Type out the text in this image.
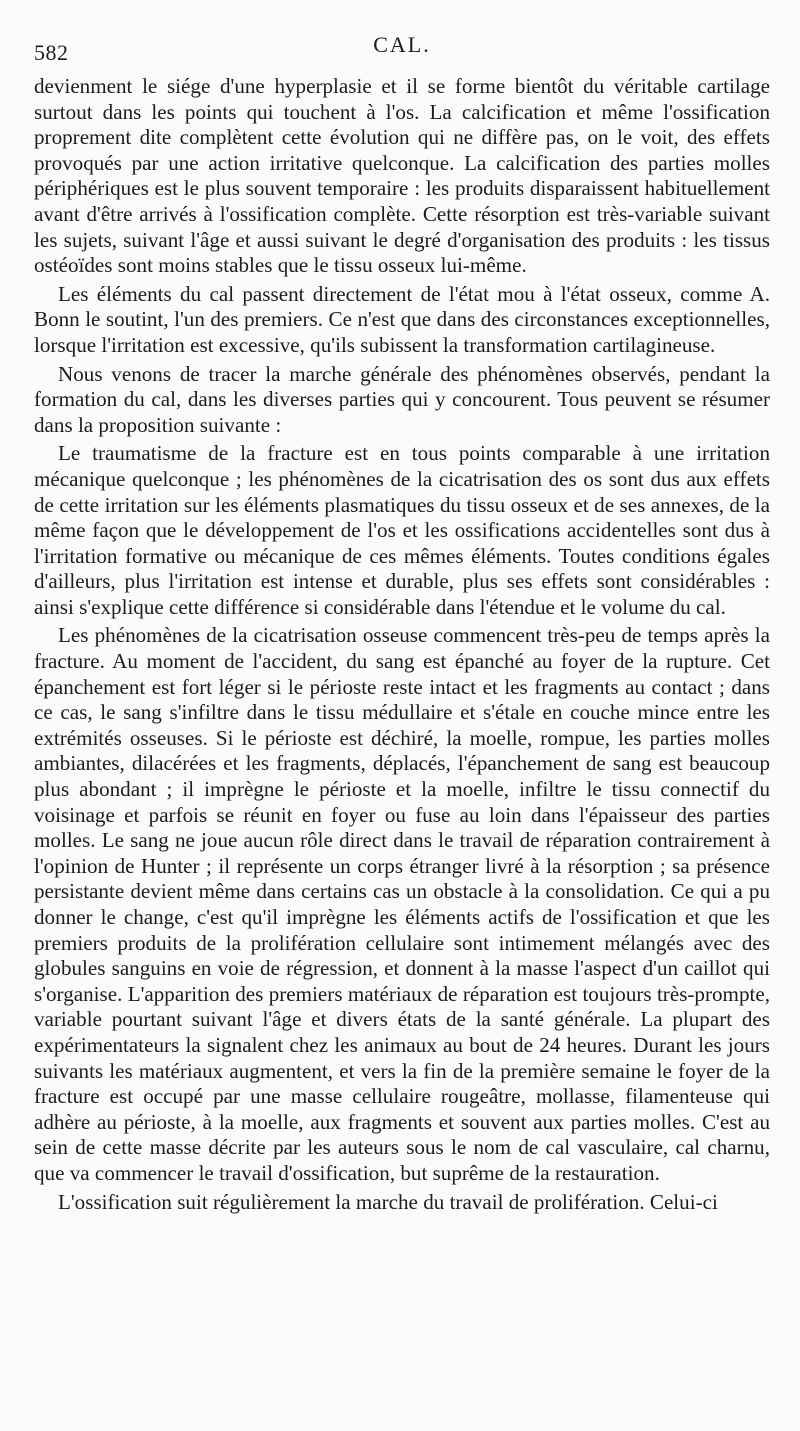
582	CAL.

devienment le siége d'une hyperplasie et il se forme bientôt du véritable cartilage surtout dans les points qui touchent à l'os. La calcification et même l'ossification proprement dite complètent cette évolution qui ne diffère pas, on le voit, des effets provoqués par une action irritative quelconque. La calcification des parties molles périphériques est le plus souvent temporaire : les produits disparaissent habituellement avant d'être arrivés à l'ossification complète. Cette résorption est très-variable suivant les sujets, suivant l'âge et aussi suivant le degré d'organisation des produits : les tissus ostéoïdes sont moins stables que le tissu osseux lui-même.

Les éléments du cal passent directement de l'état mou à l'état osseux, comme A. Bonn le soutint, l'un des premiers. Ce n'est que dans des circonstances exceptionnelles, lorsque l'irritation est excessive, qu'ils subissent la transformation cartilagineuse.

Nous venons de tracer la marche générale des phénomènes observés, pendant la formation du cal, dans les diverses parties qui y concourent. Tous peuvent se résumer dans la proposition suivante :

Le traumatisme de la fracture est en tous points comparable à une irritation mécanique quelconque ; les phénomènes de la cicatrisation des os sont dus aux effets de cette irritation sur les éléments plasmatiques du tissu osseux et de ses annexes, de la même façon que le développement de l'os et les ossifications accidentelles sont dus à l'irritation formative ou mécanique de ces mêmes éléments. Toutes conditions égales d'ailleurs, plus l'irritation est intense et durable, plus ses effets sont considérables : ainsi s'explique cette différence si considérable dans l'étendue et le volume du cal.

Les phénomènes de la cicatrisation osseuse commencent très-peu de temps après la fracture. Au moment de l'accident, du sang est épanché au foyer de la rupture. Cet épanchement est fort léger si le périoste reste intact et les fragments au contact ; dans ce cas, le sang s'infiltre dans le tissu médullaire et s'étale en couche mince entre les extrémités osseuses. Si le périoste est déchiré, la moelle, rompue, les parties molles ambiantes, dilacérées et les fragments, déplacés, l'épanchement de sang est beaucoup plus abondant ; il imprègne le périoste et la moelle, infiltre le tissu connectif du voisinage et parfois se réunit en foyer ou fuse au loin dans l'épaisseur des parties molles. Le sang ne joue aucun rôle direct dans le travail de réparation contrairement à l'opinion de Hunter ; il représente un corps étranger livré à la résorption ; sa présence persistante devient même dans certains cas un obstacle à la consolidation. Ce qui a pu donner le change, c'est qu'il imprègne les éléments actifs de l'ossification et que les premiers produits de la prolifération cellulaire sont intimement mélangés avec des globules sanguins en voie de régression, et donnent à la masse l'aspect d'un caillot qui s'organise. L'apparition des premiers matériaux de réparation est toujours très-prompte, variable pourtant suivant l'âge et divers états de la santé générale. La plupart des expérimentateurs la signalent chez les animaux au bout de 24 heures. Durant les jours suivants les matériaux augmentent, et vers la fin de la première semaine le foyer de la fracture est occupé par une masse cellulaire rougeâtre, mollasse, filamenteuse qui adhère au périoste, à la moelle, aux fragments et souvent aux parties molles. C'est au sein de cette masse décrite par les auteurs sous le nom de cal vasculaire, cal charnu, que va commencer le travail d'ossification, but suprême de la restauration.

L'ossification suit régulièrement la marche du travail de prolifération. Celui-ci
